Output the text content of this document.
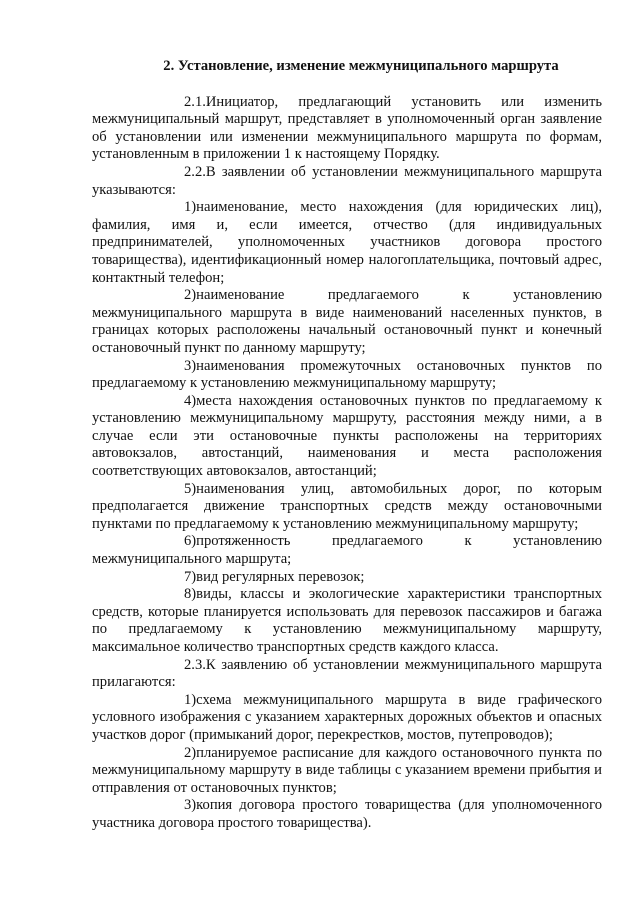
2. Установление, изменение межмуниципального маршрута

2.1.Инициатор, предлагающий установить или изменить межмуниципальный маршрут, представляет в уполномоченный орган заявление об установлении или изменении межмуниципального маршрута по формам, установленным в приложении 1 к настоящему Порядку.

2.2.В заявлении об установлении межмуниципального маршрута указываются:

1)наименование, место нахождения (для юридических лиц), фамилия, имя и, если имеется, отчество (для индивидуальных предпринимателей, уполномоченных участников договора простого товарищества), идентификационный номер налогоплательщика, почтовый адрес, контактный телефон;

2)наименование предлагаемого к установлению межмуниципального маршрута в виде наименований населенных пунктов, в границах которых расположены начальный остановочный пункт и конечный остановочный пункт по данному маршруту;

3)наименования промежуточных остановочных пунктов по предлагаемому к установлению межмуниципальному маршруту;

4)места нахождения остановочных пунктов по предлагаемому к установлению межмуниципальному маршруту, расстояния между ними, а в случае если эти остановочные пункты расположены на территориях автовокзалов, автостанций, наименования и места расположения соответствующих автовокзалов, автостанций;

5)наименования улиц, автомобильных дорог, по которым предполагается движение транспортных средств между остановочными пунктами по предлагаемому к установлению межмуниципальному маршруту;

6)протяженность предлагаемого к установлению межмуниципального маршрута;

7)вид регулярных перевозок;

8)виды, классы и экологические характеристики транспортных средств, которые планируется использовать для перевозок пассажиров и багажа по предлагаемому к установлению межмуниципальному маршруту, максимальное количество транспортных средств каждого класса.

2.3.К заявлению об установлении межмуниципального маршрута прилагаются:

1)схема межмуниципального маршрута в виде графического условного изображения с указанием характерных дорожных объектов и опасных участков дорог (примыканий дорог, перекрестков, мостов, путепроводов);

2)планируемое расписание для каждого остановочного пункта по межмуниципальному маршруту в виде таблицы с указанием времени прибытия и отправления от остановочных пунктов;

3)копия договора простого товарищества (для уполномоченного участника договора простого товарищества).
